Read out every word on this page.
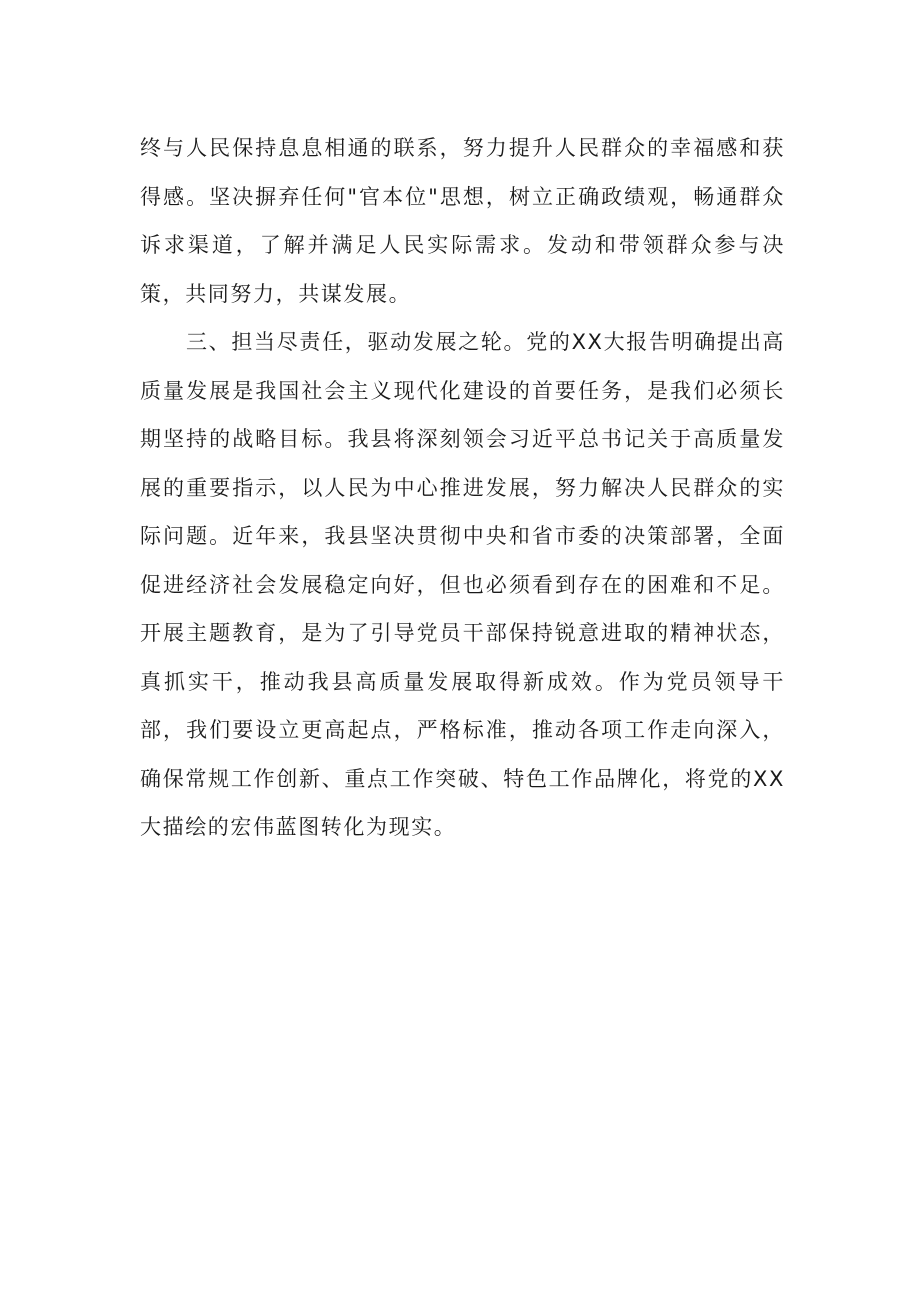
终与人民保持息息相通的联系，努力提升人民群众的幸福感和获得感。坚决摒弃任何"官本位"思想，树立正确政绩观，畅通群众诉求渠道，了解并满足人民实际需求。发动和带领群众参与决策，共同努力，共谋发展。

三、担当尽责任，驱动发展之轮。党的XX大报告明确提出高质量发展是我国社会主义现代化建设的首要任务，是我们必须长期坚持的战略目标。我县将深刻领会习近平总书记关于高质量发展的重要指示，以人民为中心推进发展，努力解决人民群众的实际问题。近年来，我县坚决贯彻中央和省市委的决策部署，全面促进经济社会发展稳定向好，但也必须看到存在的困难和不足。开展主题教育，是为了引导党员干部保持锐意进取的精神状态，真抓实干，推动我县高质量发展取得新成效。作为党员领导干部，我们要设立更高起点，严格标准，推动各项工作走向深入，确保常规工作创新、重点工作突破、特色工作品牌化，将党的XX大描绘的宏伟蓝图转化为现实。
